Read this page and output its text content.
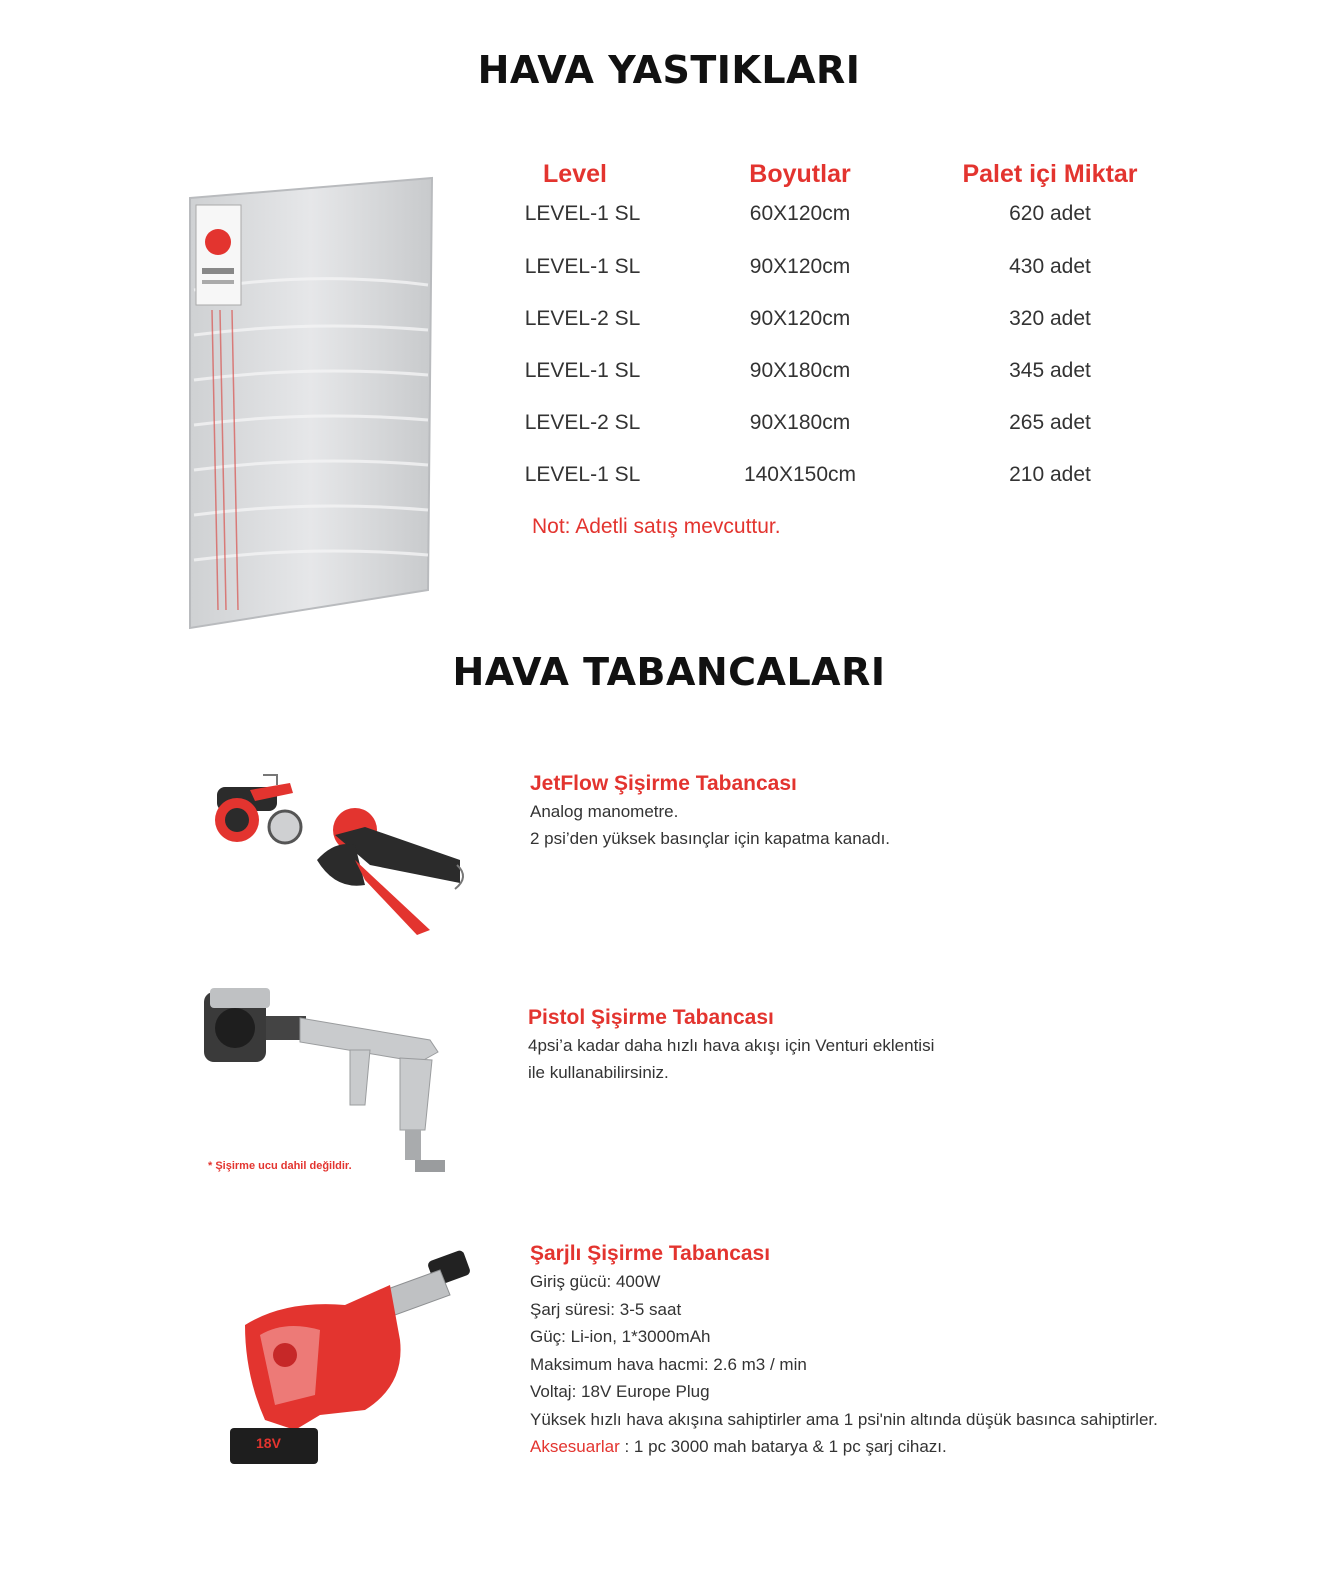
HAVA YASTIKLARI
Level	Boyutlar	Palet içi Miktar
LEVEL-1 SL	60X120cm	620 adet
LEVEL-1 SL	90X120cm	430 adet
LEVEL-2 SL	90X120cm	320 adet
LEVEL-1 SL	90X180cm	345 adet
LEVEL-2 SL	90X180cm	265 adet
LEVEL-1 SL	140X150cm	210 adet
Not: Adetli satış mevcuttur.
HAVA TABANCALARI
JetFlow Şişirme Tabancası
Analog manometre.
2 psi’den yüksek basınçlar için kapatma kanadı.
* Şişirme ucu dahil değildir.
Pistol Şişirme Tabancası
4psi’a kadar daha hızlı hava akışı için Venturi eklentisi
ile kullanabilirsiniz.
18V
Şarjlı Şişirme Tabancası
Giriş gücü: 400W
Şarj süresi: 3-5 saat
Güç: Li-ion, 1*3000mAh
Maksimum hava hacmi: 2.6 m3 / min
Voltaj: 18V Europe Plug
Yüksek hızlı hava akışına sahiptirler ama 1 psi'nin altında düşük basınca sahiptirler.
Aksesuarlar : 1 pc 3000 mah batarya & 1 pc şarj cihazı.
